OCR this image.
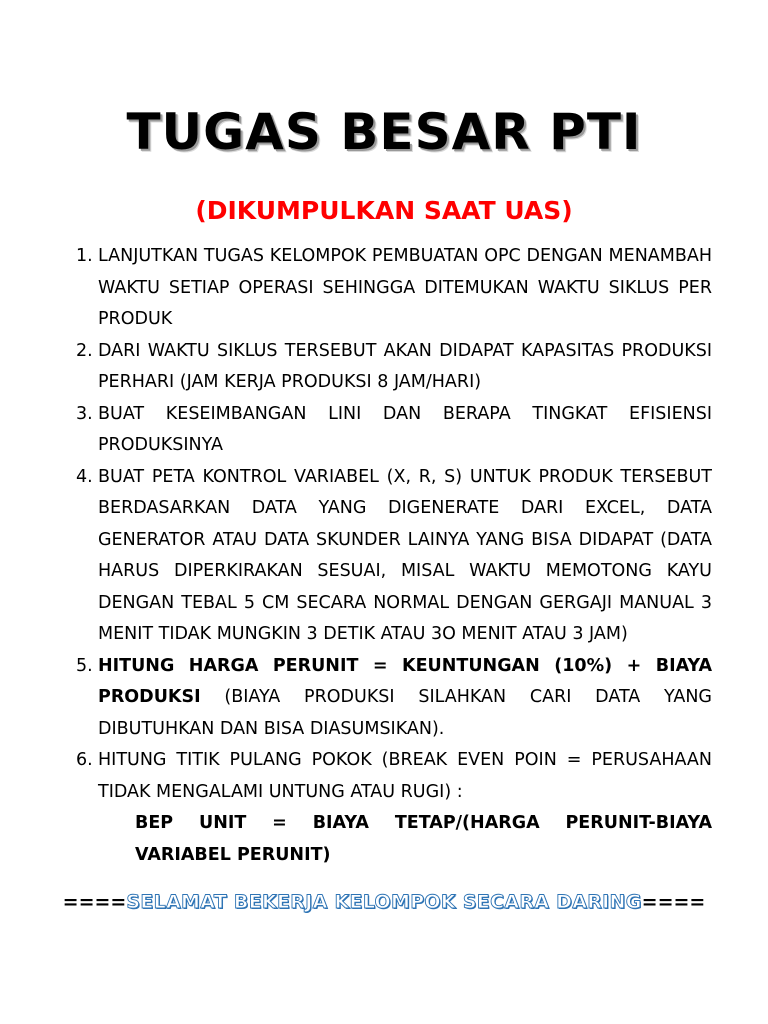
TUGAS BESAR PTI
(DIKUMPULKAN SAAT UAS)
1. LANJUTKAN TUGAS KELOMPOK PEMBUATAN OPC DENGAN MENAMBAH WAKTU SETIAP OPERASI SEHINGGA DITEMUKAN WAKTU SIKLUS PER PRODUK
2. DARI WAKTU SIKLUS TERSEBUT AKAN DIDAPAT KAPASITAS PRODUKSI PERHARI (JAM KERJA PRODUKSI 8 JAM/HARI)
3. BUAT KESEIMBANGAN LINI DAN BERAPA TINGKAT EFISIENSI PRODUKSINYA
4. BUAT PETA KONTROL VARIABEL (X, R, S) UNTUK PRODUK TERSEBUT BERDASARKAN DATA YANG DIGENERATE DARI EXCEL, DATA GENERATOR ATAU DATA SKUNDER LAINYA YANG BISA DIDAPAT (DATA HARUS DIPERKIRAKAN SESUAI, MISAL WAKTU MEMOTONG KAYU DENGAN TEBAL 5 CM SECARA NORMAL DENGAN GERGAJI MANUAL 3 MENIT TIDAK MUNGKIN 3 DETIK ATAU 3O MENIT ATAU 3 JAM)
5. HITUNG HARGA PERUNIT = KEUNTUNGAN (10%) + BIAYA PRODUKSI (BIAYA PRODUKSI SILAHKAN CARI DATA YANG DIBUTUHKAN DAN BISA DIASUMSIKAN).
6. HITUNG TITIK PULANG POKOK (BREAK EVEN POIN = PERUSAHAAN TIDAK MENGALAMI UNTUNG ATAU RUGI) :
BEP UNIT = BIAYA TETAP/(HARGA PERUNIT-BIAYA VARIABEL PERUNIT)
====SELAMAT BEKERJA KELOMPOK SECARA DARING====
